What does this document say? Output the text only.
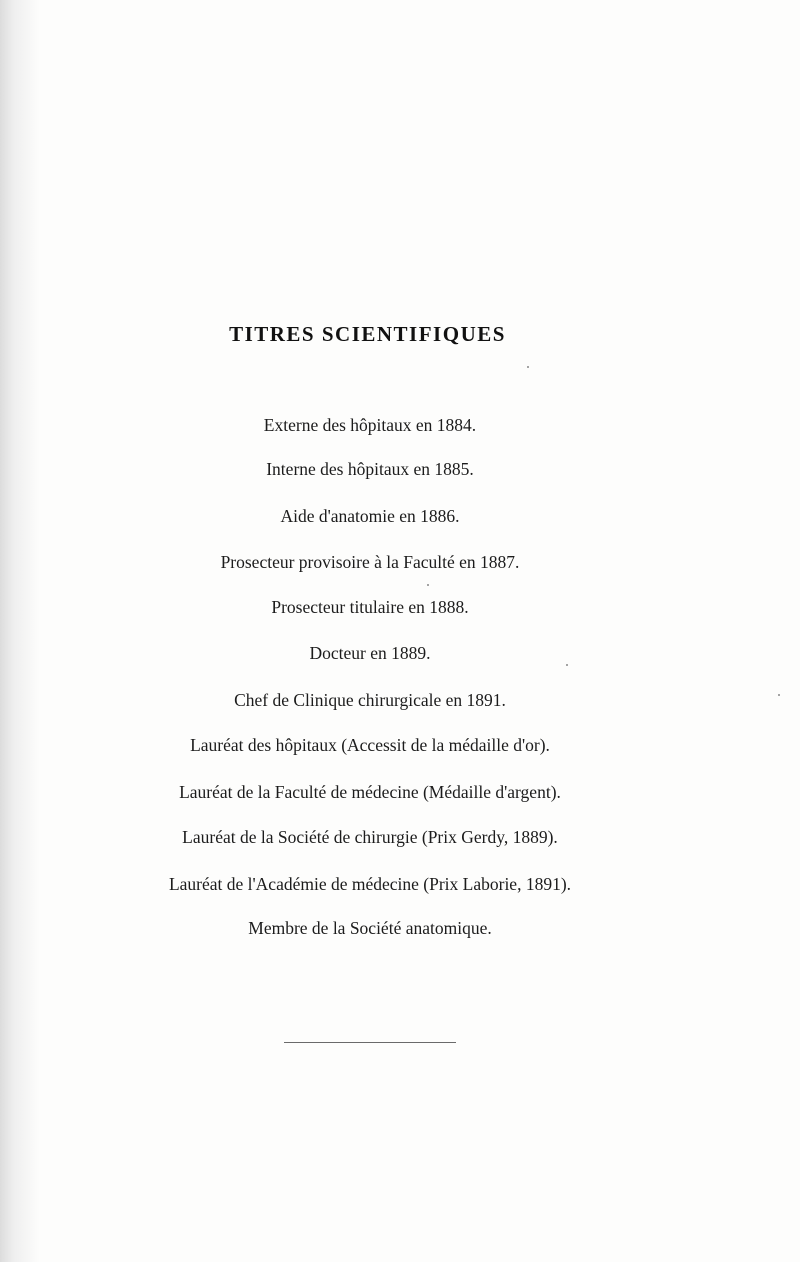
TITRES SCIENTIFIQUES
Externe des hôpitaux en 1884.
Interne des hôpitaux en 1885.
Aide d'anatomie en 1886.
Prosecteur provisoire à la Faculté en 1887.
Prosecteur titulaire en 1888.
Docteur en 1889.
Chef de Clinique chirurgicale en 1891.
Lauréat des hôpitaux (Accessit de la médaille d'or).
Lauréat de la Faculté de médecine (Médaille d'argent).
Lauréat de la Société de chirurgie (Prix Gerdy, 1889).
Lauréat de l'Académie de médecine (Prix Laborie, 1891).
Membre de la Société anatomique.
